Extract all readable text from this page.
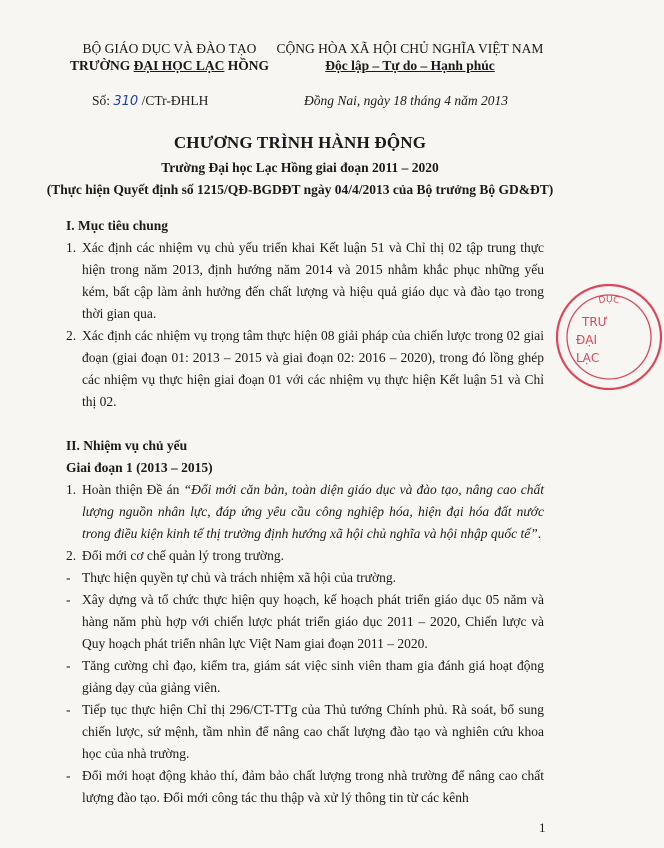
BỘ GIÁO DỤC VÀ ĐÀO TẠO
TRƯỜNG ĐẠI HỌC LẠC HỒNG
CỘNG HÒA XÃ HỘI CHỦ NGHĨA VIỆT NAM
Độc lập – Tự do – Hạnh phúc
Số: 310 /CTr-ĐHLH	Đồng Nai, ngày 18 tháng 4 năm 2013
CHƯƠNG TRÌNH HÀNH ĐỘNG
Trường Đại học Lạc Hồng giai đoạn 2011 – 2020
(Thực hiện Quyết định số 1215/QĐ-BGDĐT ngày 04/4/2013 của Bộ trưởng Bộ GD&ĐT)

I. Mục tiêu chung

1. Xác định các nhiệm vụ chủ yếu triển khai Kết luận 51 và Chỉ thị 02 tập trung thực hiện trong năm 2013, định hướng năm 2014 và 2015 nhằm khắc phục những yếu kém, bất cập làm ảnh hưởng đến chất lượng và hiệu quả giáo dục và đào tạo trong thời gian qua.

2. Xác định các nhiệm vụ trọng tâm thực hiện 08 giải pháp của chiến lược trong 02 giai đoạn (giai đoạn 01: 2013 – 2015 và giai đoạn 02: 2016 – 2020), trong đó lồng ghép các nhiệm vụ thực hiện giai đoạn 01 với các nhiệm vụ thực hiện Kết luận 51 và Chỉ thị 02.

II. Nhiệm vụ chủ yếu

Giai đoạn 1 (2013 – 2015)

1. Hoàn thiện Đề án “Đổi mới căn bản, toàn diện giáo dục và đào tạo, nâng cao chất lượng nguồn nhân lực, đáp ứng yêu cầu công nghiệp hóa, hiện đại hóa đất nước trong điều kiện kinh tế thị trường định hướng xã hội chủ nghĩa và hội nhập quốc tế”.

2. Đổi mới cơ chế quản lý trong trường.

- Thực hiện quyền tự chủ và trách nhiệm xã hội của trường.

- Xây dựng và tổ chức thực hiện quy hoạch, kế hoạch phát triển giáo dục 05 năm và hàng năm phù hợp với chiến lược phát triển giáo dục 2011 – 2020, Chiến lược và Quy hoạch phát triển nhân lực Việt Nam giai đoạn 2011 – 2020.

- Tăng cường chỉ đạo, kiểm tra, giám sát việc sinh viên tham gia đánh giá hoạt động giảng dạy của giảng viên.

- Tiếp tục thực hiện Chỉ thị 296/CT-TTg của Thủ tướng Chính phủ. Rà soát, bổ sung chiến lược, sứ mệnh, tầm nhìn để nâng cao chất lượng đào tạo và nghiên cứu khoa học của nhà trường.

- Đổi mới hoạt động khảo thí, đảm bảo chất lượng trong nhà trường để nâng cao chất lượng đào tạo. Đổi mới công tác thu thập và xử lý thông tin từ các kênh

1
DỤC
TRƯ
ĐẠI
LẠC
